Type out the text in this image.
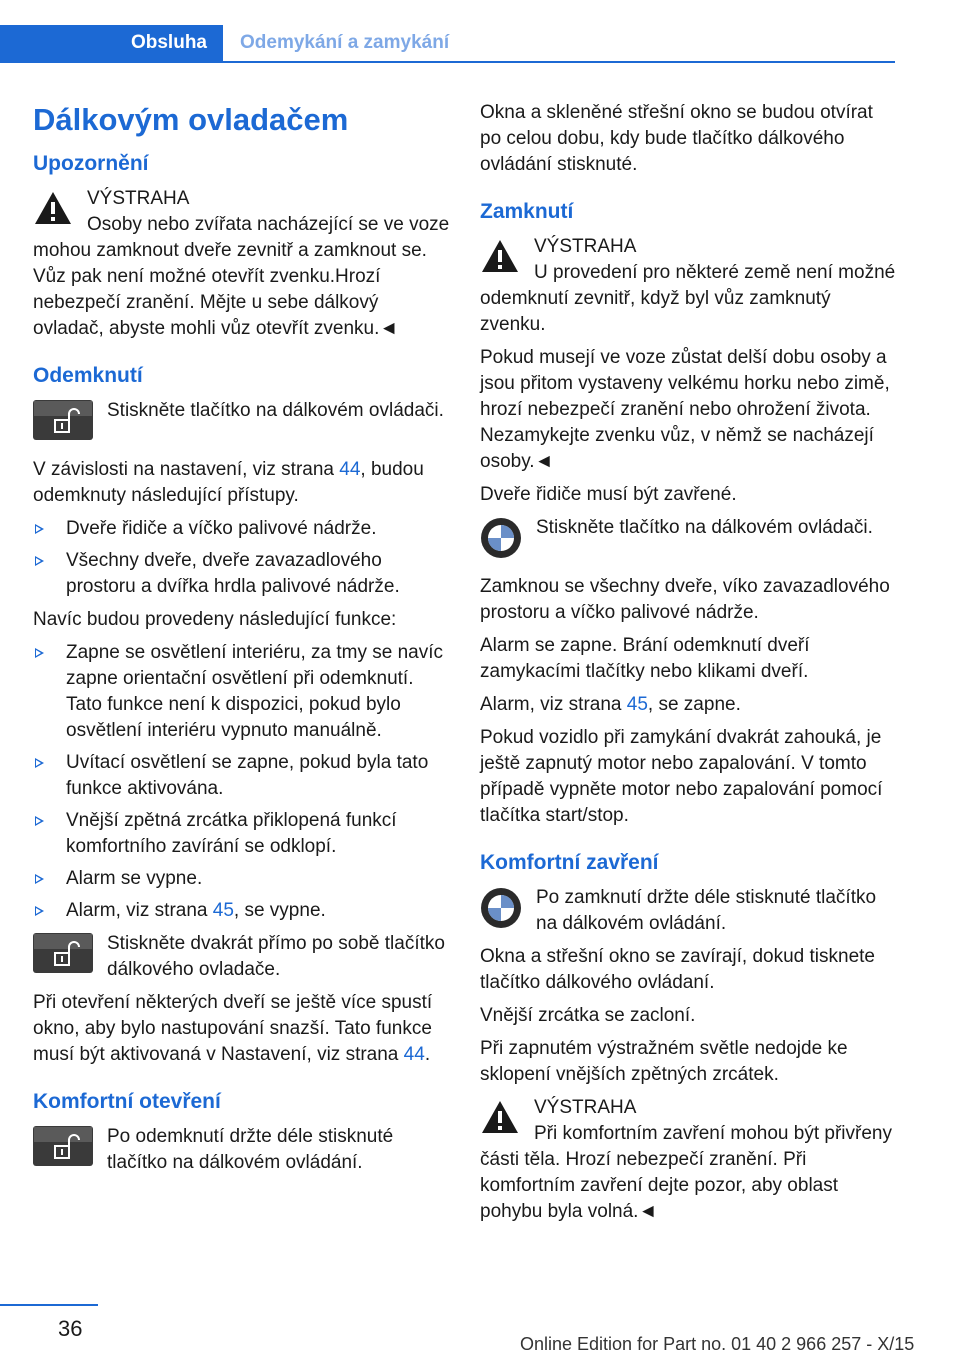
Obsluha	Odemykání a zamykání
Dálkovým ovladačem
Upozornění
VÝSTRAHA
Osoby nebo zvířata nacházející se ve voze mohou zamknout dveře zevnitř a zamknout se. Vůz pak není možné otevřít zvenku.Hrozí nebezpečí zranění. Mějte u sebe dálkový ovladač, abyste mohli vůz otevřít zvenku.◄
Odemknutí
Stiskněte tlačítko na dálkovém ovládači.

V závislosti na nastavení, viz strana 44, budou odemknuty následující přístupy.

Dveře řidiče a víčko palivové nádrže.
Všechny dveře, dveře zavazadlového prostoru a dvířka hrdla palivové nádrže.

Navíc budou provedeny následující funkce:

Zapne se osvětlení interiéru, za tmy se navíc zapne orientační osvětlení při odemknutí. Tato funkce není k dispozici, pokud bylo osvětlení interiéru vypnuto manuálně.
Uvítací osvětlení se zapne, pokud byla tato funkce aktivována.
Vnější zpětná zrcátka přiklopená funkcí komfortního zavírání se odklopí.
Alarm se vypne.
Alarm, viz strana 45, se vypne.
Stiskněte dvakrát přímo po sobě tlačítko dálkového ovladače.

Při otevření některých dveří se ještě více spustí okno, aby bylo nastupování snazší. Tato funkce musí být aktivovaná v Nastavení, viz strana 44.

Komfortní otevření
Po odemknutí držte déle stisknuté tlačítko na dálkovém ovládání.

Okna a skleněné střešní okno se budou otvírat po celou dobu, kdy bude tlačítko dálkového ovládání stisknuté.

Zamknutí
VÝSTRAHA
U provedení pro některé země není možné odemknutí zevnitř, když byl vůz zamknutý zvenku.

Pokud musejí ve voze zůstat delší dobu osoby a jsou přitom vystaveny velkému horku nebo zimě, hrozí nebezpečí zranění nebo ohrožení života. Nezamykejte zvenku vůz, v němž se nacházejí osoby.◄

Dveře řidiče musí být zavřené.

Stiskněte tlačítko na dálkovém ovládači.

Zamknou se všechny dveře, víko zavazadlového prostoru a víčko palivové nádrže.

Alarm se zapne. Brání odemknutí dveří zamykacími tlačítky nebo klikami dveří.

Alarm, viz strana 45, se zapne.

Pokud vozidlo při zamykání dvakrát zahouká, je ještě zapnutý motor nebo zapalování. V tomto případě vypněte motor nebo zapalování pomocí tlačítka start/stop.

Komfortní zavření
Po zamknutí držte déle stisknuté tlačítko na dálkovém ovládání.

Okna a střešní okno se zavírají, dokud tisknete tlačítko dálkového ovládaní.

Vnější zrcátka se zacloní.

Při zapnutém výstražném světle nedojde ke sklopení vnějších zpětných zrcátek.

VÝSTRAHA
Při komfortním zavření mohou být přivřeny části těla. Hrozí nebezpečí zranění. Při komfortním zavření dejte pozor, aby oblast pohybu byla volná.◄
36
Online Edition for Part no. 01 40 2 966 257 - X/15
